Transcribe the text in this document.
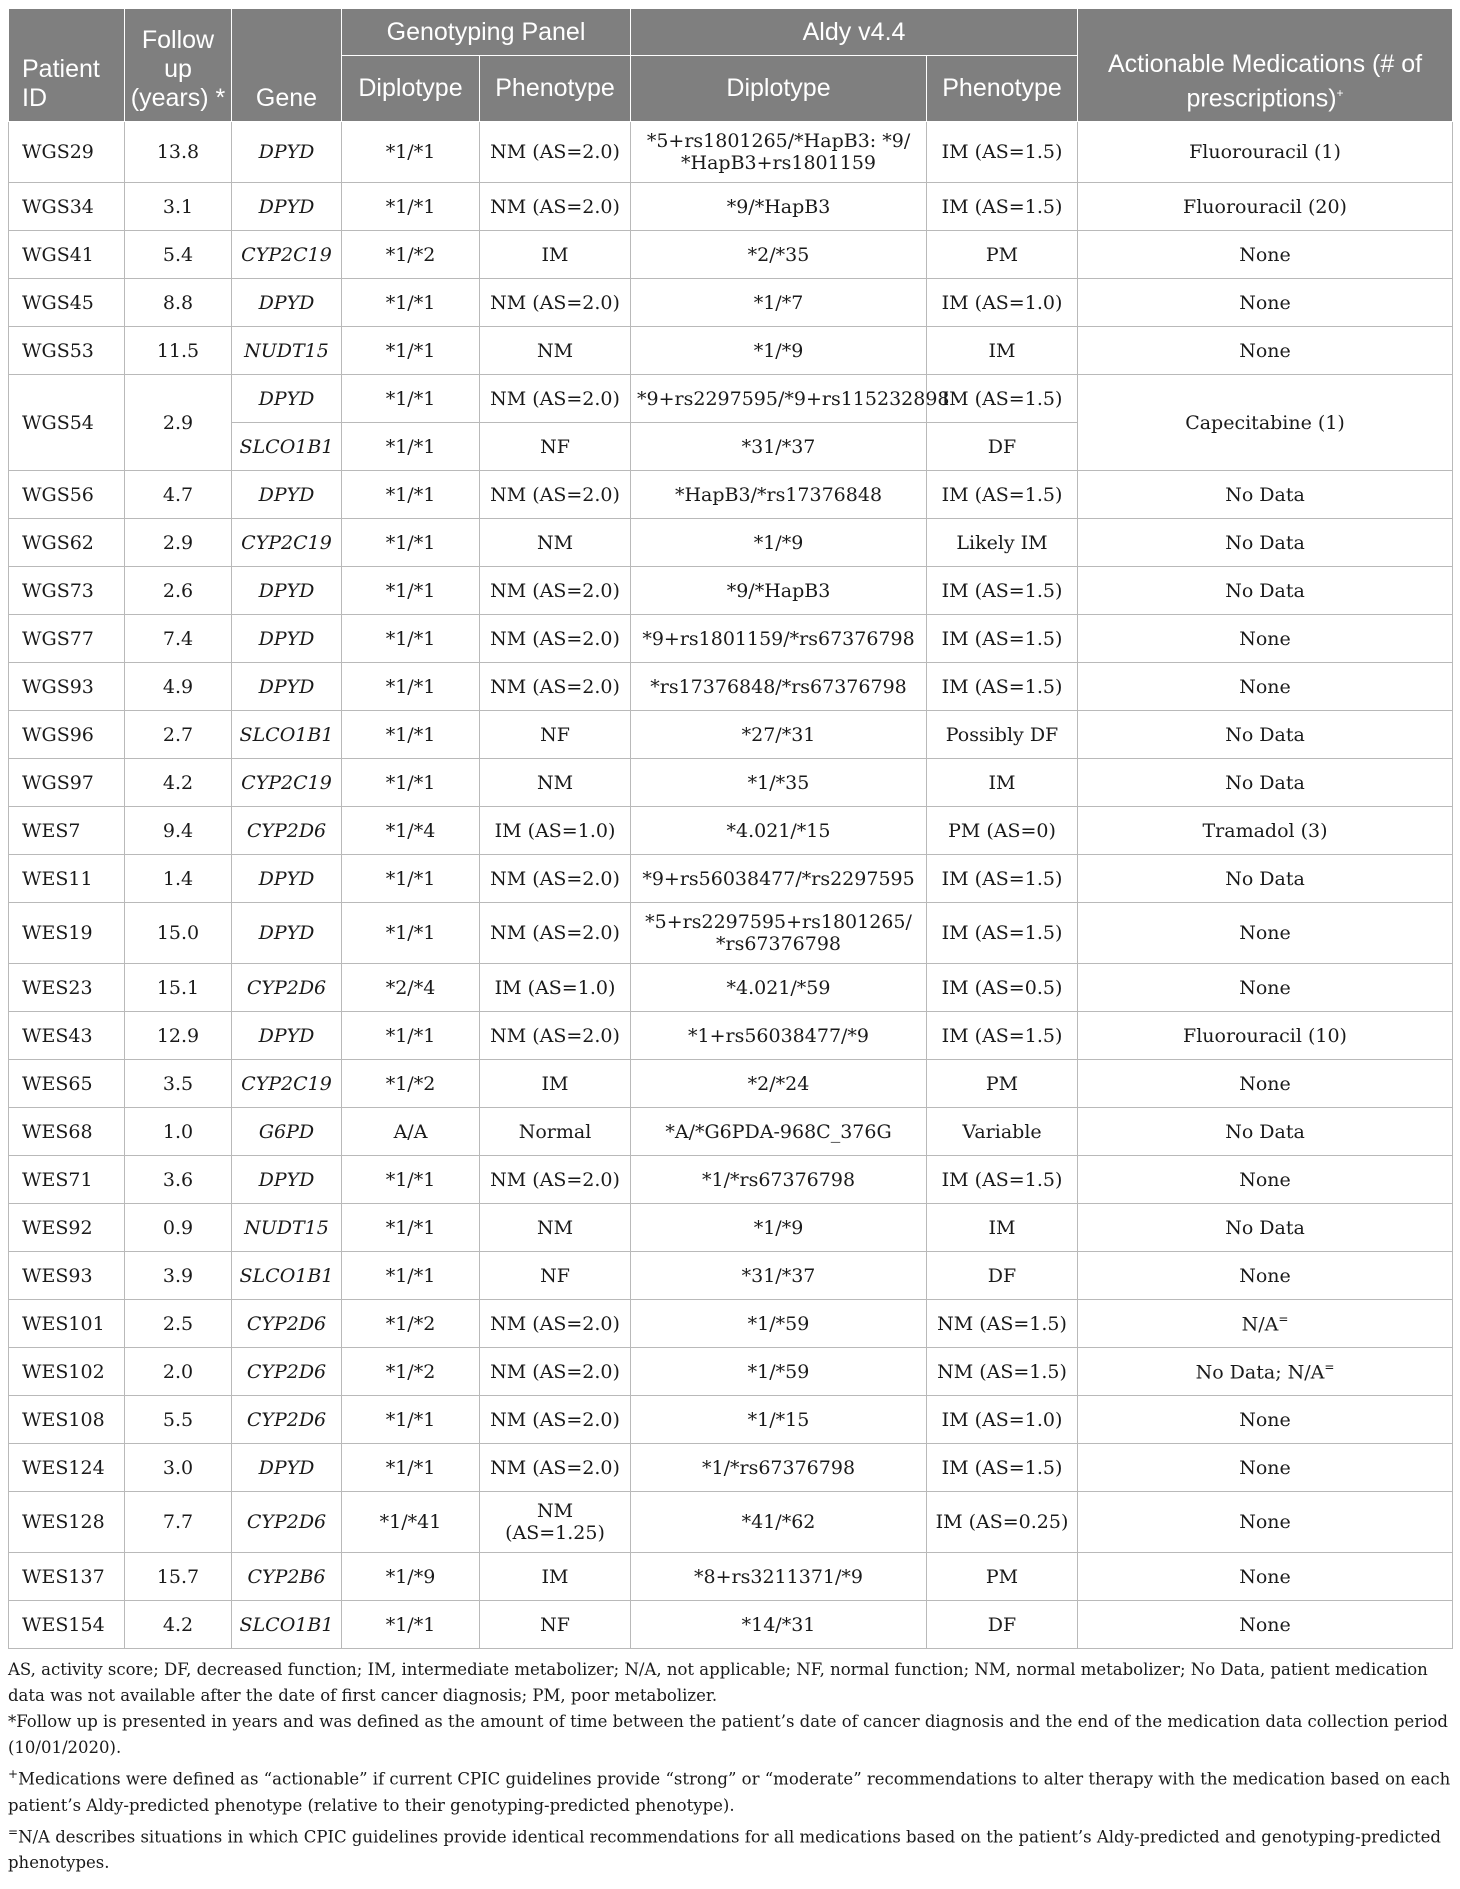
Patient ID	Follow up (years) *	Gene	Genotyping Panel		Aldy v4.4		Actionable Medications (# of prescriptions)+
			Diplotype	Phenotype	Diplotype	Phenotype	
WGS29	13.8	DPYD	*1/*1	NM (AS=2.0)	*5+rs1801265/*HapB3: *9/ *HapB3+rs1801159	IM (AS=1.5)	Fluorouracil (1)
WGS34	3.1	DPYD	*1/*1	NM (AS=2.0)	*9/*HapB3	IM (AS=1.5)	Fluorouracil (20)
WGS41	5.4	CYP2C19	*1/*2	IM	*2/*35	PM	None
WGS45	8.8	DPYD	*1/*1	NM (AS=2.0)	*1/*7	IM (AS=1.0)	None
WGS53	11.5	NUDT15	*1/*1	NM	*1/*9	IM	None
WGS54	2.9	DPYD	*1/*1	NM (AS=2.0)	*9+rs2297595/*9+rs115232898	IM (AS=1.5)	Capecitabine (1)
		SLCO1B1	*1/*1	NF	*31/*37	DF	
WGS56	4.7	DPYD	*1/*1	NM (AS=2.0)	*HapB3/*rs17376848	IM (AS=1.5)	No Data
WGS62	2.9	CYP2C19	*1/*1	NM	*1/*9	Likely IM	No Data
WGS73	2.6	DPYD	*1/*1	NM (AS=2.0)	*9/*HapB3	IM (AS=1.5)	No Data
WGS77	7.4	DPYD	*1/*1	NM (AS=2.0)	*9+rs1801159/*rs67376798	IM (AS=1.5)	None
WGS93	4.9	DPYD	*1/*1	NM (AS=2.0)	*rs17376848/*rs67376798	IM (AS=1.5)	None
WGS96	2.7	SLCO1B1	*1/*1	NF	*27/*31	Possibly DF	No Data
WGS97	4.2	CYP2C19	*1/*1	NM	*1/*35	IM	No Data
WES7	9.4	CYP2D6	*1/*4	IM (AS=1.0)	*4.021/*15	PM (AS=0)	Tramadol (3)
WES11	1.4	DPYD	*1/*1	NM (AS=2.0)	*9+rs56038477/*rs2297595	IM (AS=1.5)	No Data
WES19	15.0	DPYD	*1/*1	NM (AS=2.0)	*5+rs2297595+rs1801265/ *rs67376798	IM (AS=1.5)	None
WES23	15.1	CYP2D6	*2/*4	IM (AS=1.0)	*4.021/*59	IM (AS=0.5)	None
WES43	12.9	DPYD	*1/*1	NM (AS=2.0)	*1+rs56038477/*9	IM (AS=1.5)	Fluorouracil (10)
WES65	3.5	CYP2C19	*1/*2	IM	*2/*24	PM	None
WES68	1.0	G6PD	A/A	Normal	*A/*G6PDA-968C_376G	Variable	No Data
WES71	3.6	DPYD	*1/*1	NM (AS=2.0)	*1/*rs67376798	IM (AS=1.5)	None
WES92	0.9	NUDT15	*1/*1	NM	*1/*9	IM	No Data
WES93	3.9	SLCO1B1	*1/*1	NF	*31/*37	DF	None
WES101	2.5	CYP2D6	*1/*2	NM (AS=2.0)	*1/*59	NM (AS=1.5)	N/A=
WES102	2.0	CYP2D6	*1/*2	NM (AS=2.0)	*1/*59	NM (AS=1.5)	No Data; N/A=
WES108	5.5	CYP2D6	*1/*1	NM (AS=2.0)	*1/*15	IM (AS=1.0)	None
WES124	3.0	DPYD	*1/*1	NM (AS=2.0)	*1/*rs67376798	IM (AS=1.5)	None
WES128	7.7	CYP2D6	*1/*41	NM (AS=1.25)	*41/*62	IM (AS=0.25)	None
WES137	15.7	CYP2B6	*1/*9	IM	*8+rs3211371/*9	PM	None
WES154	4.2	SLCO1B1	*1/*1	NF	*14/*31	DF	None

AS, activity score; DF, decreased function; IM, intermediate metabolizer; N/A, not applicable; NF, normal function; NM, normal metabolizer; No Data, patient medication data was not available after the date of first cancer diagnosis; PM, poor metabolizer.

*Follow up is presented in years and was defined as the amount of time between the patient’s date of cancer diagnosis and the end of the medication data collection period (10/01/2020).

+Medications were defined as “actionable” if current CPIC guidelines provide “strong” or “moderate” recommendations to alter therapy with the medication based on each patient’s Aldy-predicted phenotype (relative to their genotyping-predicted phenotype).

=N/A describes situations in which CPIC guidelines provide identical recommendations for all medications based on the patient’s Aldy-predicted and genotyping-predicted phenotypes.
